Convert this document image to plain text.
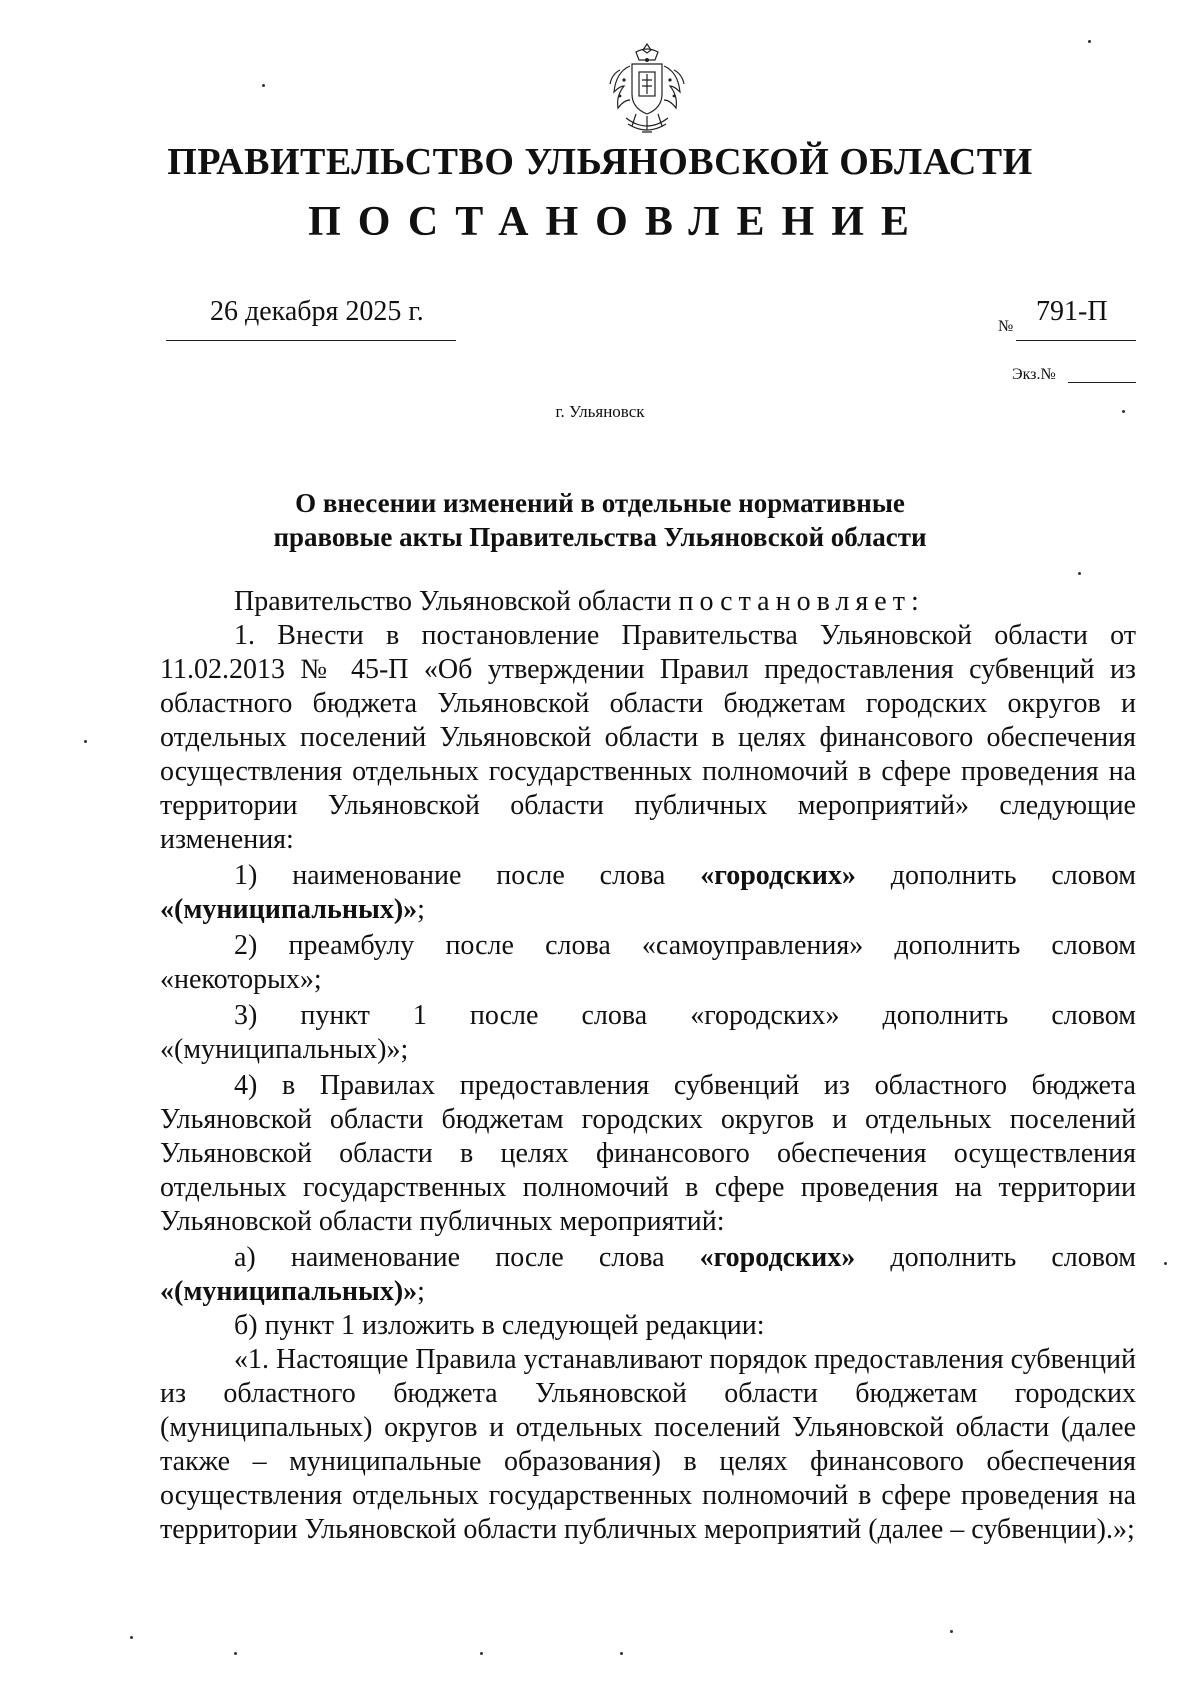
ПРАВИТЕЛЬСТВО УЛЬЯНОВСКОЙ ОБЛАСТИ
ПОСТАНОВЛЕНИЕ
26 декабря 2025 г.	№ 791-П
Экз.№
г. Ульяновск
О внесении изменений в отдельные нормативные
правовые акты Правительства Ульяновской области

Правительство Ульяновской области постановляет:

1. Внести в постановление Правительства Ульяновской области от 11.02.2013 № 45-П «Об утверждении Правил предоставления субвенций из областного бюджета Ульяновской области бюджетам городских округов и отдельных поселений Ульяновской области в целях финансового обеспечения осуществления отдельных государственных полномочий в сфере проведения на территории Ульяновской области публичных мероприятий» следующие изменения:

1) наименование после слова «городских» дополнить словом «(муниципальных)»;

2) преамбулу после слова «самоуправления» дополнить словом «некоторых»;

3) пункт 1 после слова «городских» дополнить словом «(муниципальных)»;

4) в Правилах предоставления субвенций из областного бюджета Ульяновской области бюджетам городских округов и отдельных поселений Ульяновской области в целях финансового обеспечения осуществления отдельных государственных полномочий в сфере проведения на территории Ульяновской области публичных мероприятий:

а) наименование после слова «городских» дополнить словом «(муниципальных)»;

б) пункт 1 изложить в следующей редакции:

«1. Настоящие Правила устанавливают порядок предоставления субвенций из областного бюджета Ульяновской области бюджетам городских (муниципальных) округов и отдельных поселений Ульяновской области (далее также – муниципальные образования) в целях финансового обеспечения осуществления отдельных государственных полномочий в сфере проведения на территории Ульяновской области публичных мероприятий (далее – субвенции).»;
